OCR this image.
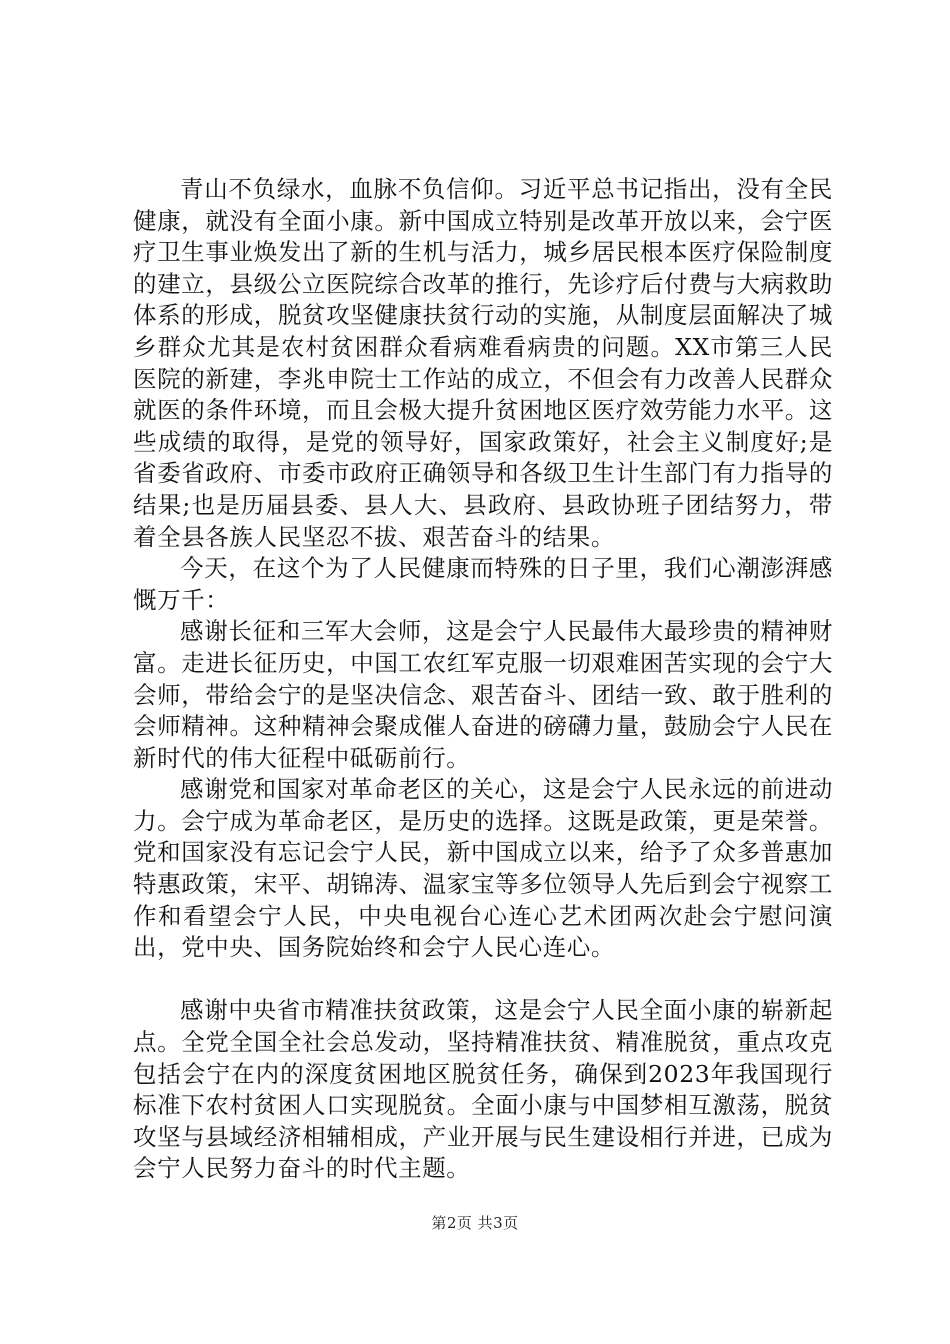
青山不负绿水，血脉不负信仰。习近平总书记指出，没有全民健康，就没有全面小康。新中国成立特别是改革开放以来，会宁医疗卫生事业焕发出了新的生机与活力，城乡居民根本医疗保险制度的建立，县级公立医院综合改革的推行，先诊疗后付费与大病救助体系的形成，脱贫攻坚健康扶贫行动的实施，从制度层面解决了城乡群众尤其是农村贫困群众看病难看病贵的问题。XX市第三人民医院的新建，李兆申院士工作站的成立，不但会有力改善人民群众就医的条件环境，而且会极大提升贫困地区医疗效劳能力水平。这些成绩的取得，是党的领导好，国家政策好，社会主义制度好;是省委省政府、市委市政府正确领导和各级卫生计生部门有力指导的结果;也是历届县委、县人大、县政府、县政协班子团结努力，带着全县各族人民坚忍不拔、艰苦奋斗的结果。

今天，在这个为了人民健康而特殊的日子里，我们心潮澎湃感慨万千：

感谢长征和三军大会师，这是会宁人民最伟大最珍贵的精神财富。走进长征历史，中国工农红军克服一切艰难困苦实现的会宁大会师，带给会宁的是坚决信念、艰苦奋斗、团结一致、敢于胜利的会师精神。这种精神会聚成催人奋进的磅礴力量，鼓励会宁人民在新时代的伟大征程中砥砺前行。

感谢党和国家对革命老区的关心，这是会宁人民永远的前进动力。会宁成为革命老区，是历史的选择。这既是政策，更是荣誉。党和国家没有忘记会宁人民，新中国成立以来，给予了众多普惠加特惠政策，宋平、胡锦涛、温家宝等多位领导人先后到会宁视察工作和看望会宁人民，中央电视台心连心艺术团两次赴会宁慰问演出，党中央、国务院始终和会宁人民心连心。

感谢中央省市精准扶贫政策，这是会宁人民全面小康的崭新起点。全党全国全社会总发动，坚持精准扶贫、精准脱贫，重点攻克包括会宁在内的深度贫困地区脱贫任务，确保到2023年我国现行标准下农村贫困人口实现脱贫。全面小康与中国梦相互激荡，脱贫攻坚与县域经济相辅相成，产业开展与民生建设相行并进，已成为会宁人民努力奋斗的时代主题。

第2页 共3页
